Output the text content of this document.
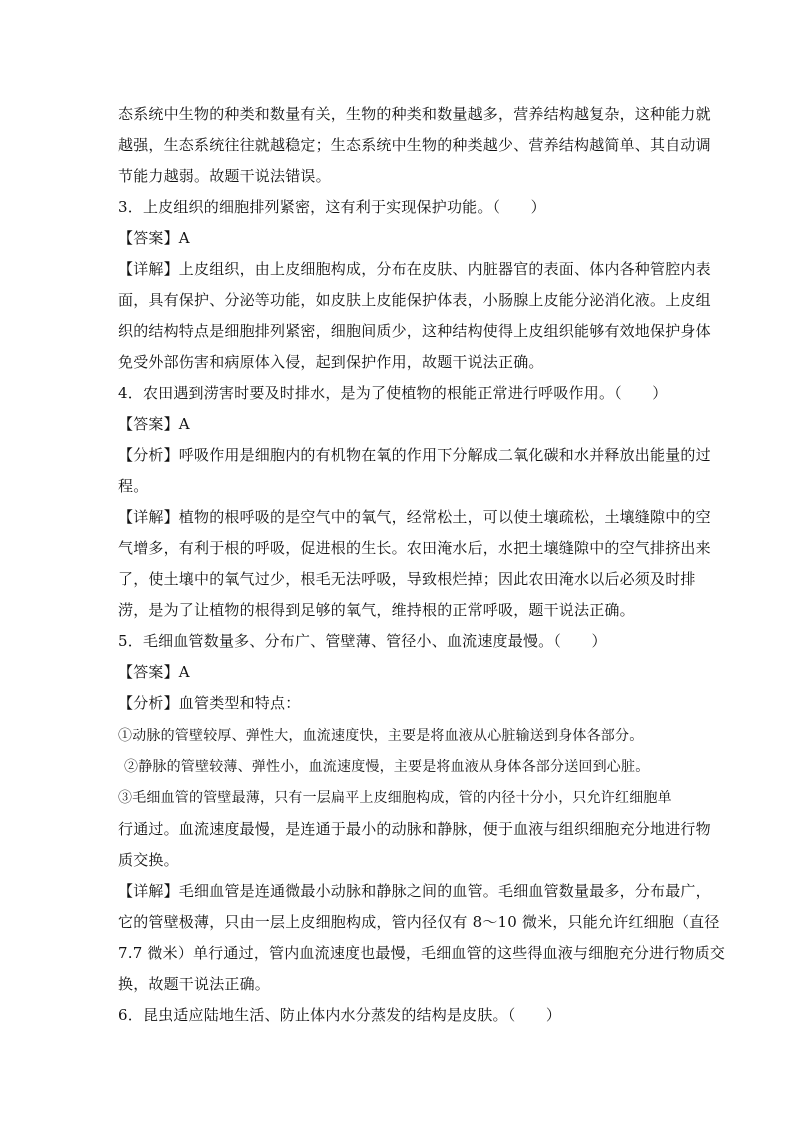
态系统中生物的种类和数量有关，生物的种类和数量越多，营养结构越复杂，这种能力就
越强，生态系统往往就越稳定；生态系统中生物的种类越少、营养结构越简单、其自动调
节能力越弱。故题干说法错误。
3．上皮组织的细胞排列紧密，这有利于实现保护功能。（　　）
【答案】A
【详解】上皮组织，由上皮细胞构成，分布在皮肤、内脏器官的表面、体内各种管腔内表
面，具有保护、分泌等功能，如皮肤上皮能保护体表，小肠腺上皮能分泌消化液。上皮组
织的结构特点是细胞排列紧密，细胞间质少，这种结构使得上皮组织能够有效地保护身体
免受外部伤害和病原体入侵，起到保护作用，故题干说法正确。
4．农田遇到涝害时要及时排水，是为了使植物的根能正常进行呼吸作用。（　　）
【答案】A
【分析】呼吸作用是细胞内的有机物在氧的作用下分解成二氧化碳和水并释放出能量的过
程。
【详解】植物的根呼吸的是空气中的氧气，经常松土，可以使土壤疏松，土壤缝隙中的空
气增多，有利于根的呼吸，促进根的生长。农田淹水后，水把土壤缝隙中的空气排挤出来
了，使土壤中的氧气过少，根毛无法呼吸，导致根烂掉；因此农田淹水以后必须及时排
涝，是为了让植物的根得到足够的氧气，维持根的正常呼吸，题干说法正确。
5．毛细血管数量多、分布广、管壁薄、管径小、血流速度最慢。（　　）
【答案】A
【分析】血管类型和特点：
①动脉的管壁较厚、弹性大，血流速度快，主要是将血液从心脏输送到身体各部分。
②静脉的管壁较薄、弹性小，血流速度慢，主要是将血液从身体各部分送回到心脏。
③毛细血管的管壁最薄，只有一层扁平上皮细胞构成，管的内径十分小，只允许红细胞单
行通过。血流速度最慢，是连通于最小的动脉和静脉，便于血液与组织细胞充分地进行物
质交换。
【详解】毛细血管是连通微最小动脉和静脉之间的血管。毛细血管数量最多，分布最广，
它的管壁极薄，只由一层上皮细胞构成，管内径仅有 8～10 微米，只能允许红细胞（直径
7.7 微米）单行通过，管内血流速度也最慢，毛细血管的这些得血液与细胞充分进行物质交
换，故题干说法正确。
6．昆虫适应陆地生活、防止体内水分蒸发的结构是皮肤。（　　）
